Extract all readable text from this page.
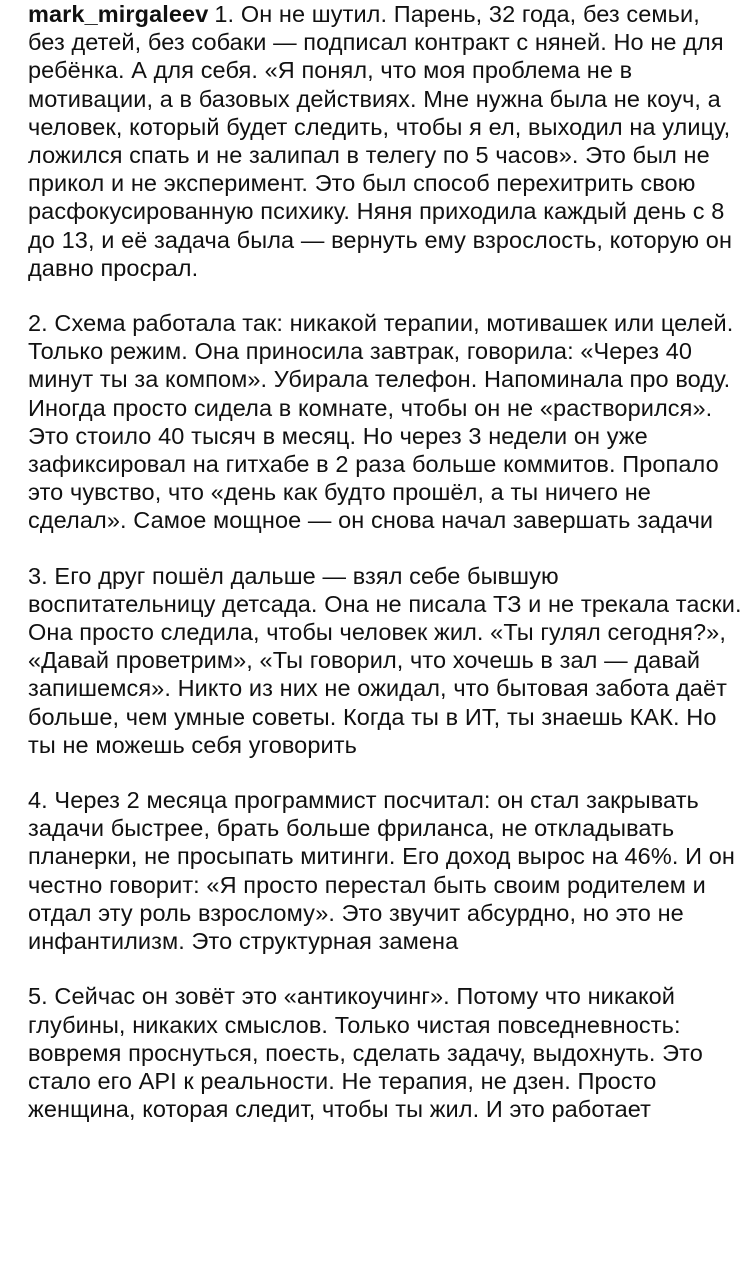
mark_mirgaleev 1. Он не шутил. Парень, 32 года, без семьи, без детей, без собаки — подписал контракт с няней. Но не для ребёнка. А для себя. «Я понял, что моя проблема не в мотивации, а в базовых действиях. Мне нужна была не коуч, а человек, который будет следить, чтобы я ел, выходил на улицу, ложился спать и не залипал в телегу по 5 часов». Это был не прикол и не эксперимент. Это был способ перехитрить свою расфокусированную психику. Няня приходила каждый день с 8 до 13, и её задача была — вернуть ему взрослость, которую он давно просрал.

2. Схема работала так: никакой терапии, мотивашек или целей. Только режим. Она приносила завтрак, говорила: «Через 40 минут ты за компом». Убирала телефон. Напоминала про воду. Иногда просто сидела в комнате, чтобы он не «растворился». Это стоило 40 тысяч в месяц. Но через 3 недели он уже зафиксировал на гитхабе в 2 раза больше коммитов. Пропало это чувство, что «день как будто прошёл, а ты ничего не сделал». Самое мощное — он снова начал завершать задачи

3. Его друг пошёл дальше — взял себе бывшую воспитательницу детсада. Она не писала ТЗ и не трекала таски. Она просто следила, чтобы человек жил. «Ты гулял сегодня?», «Давай проветрим», «Ты говорил, что хочешь в зал — давай запишемся». Никто из них не ожидал, что бытовая забота даёт больше, чем умные советы. Когда ты в ИТ, ты знаешь КАК. Но ты не можешь себя уговорить

4. Через 2 месяца программист посчитал: он стал закрывать задачи быстрее, брать больше фриланса, не откладывать планерки, не просыпать митинги. Его доход вырос на 46%. И он честно говорит: «Я просто перестал быть своим родителем и отдал эту роль взрослому». Это звучит абсурдно, но это не инфантилизм. Это структурная замена

5. Сейчас он зовёт это «антикоучинг». Потому что никакой глубины, никаких смыслов. Только чистая повседневность: вовремя проснуться, поесть, сделать задачу, выдохнуть. Это стало его API к реальности. Не терапия, не дзен. Просто женщина, которая следит, чтобы ты жил. И это работает
